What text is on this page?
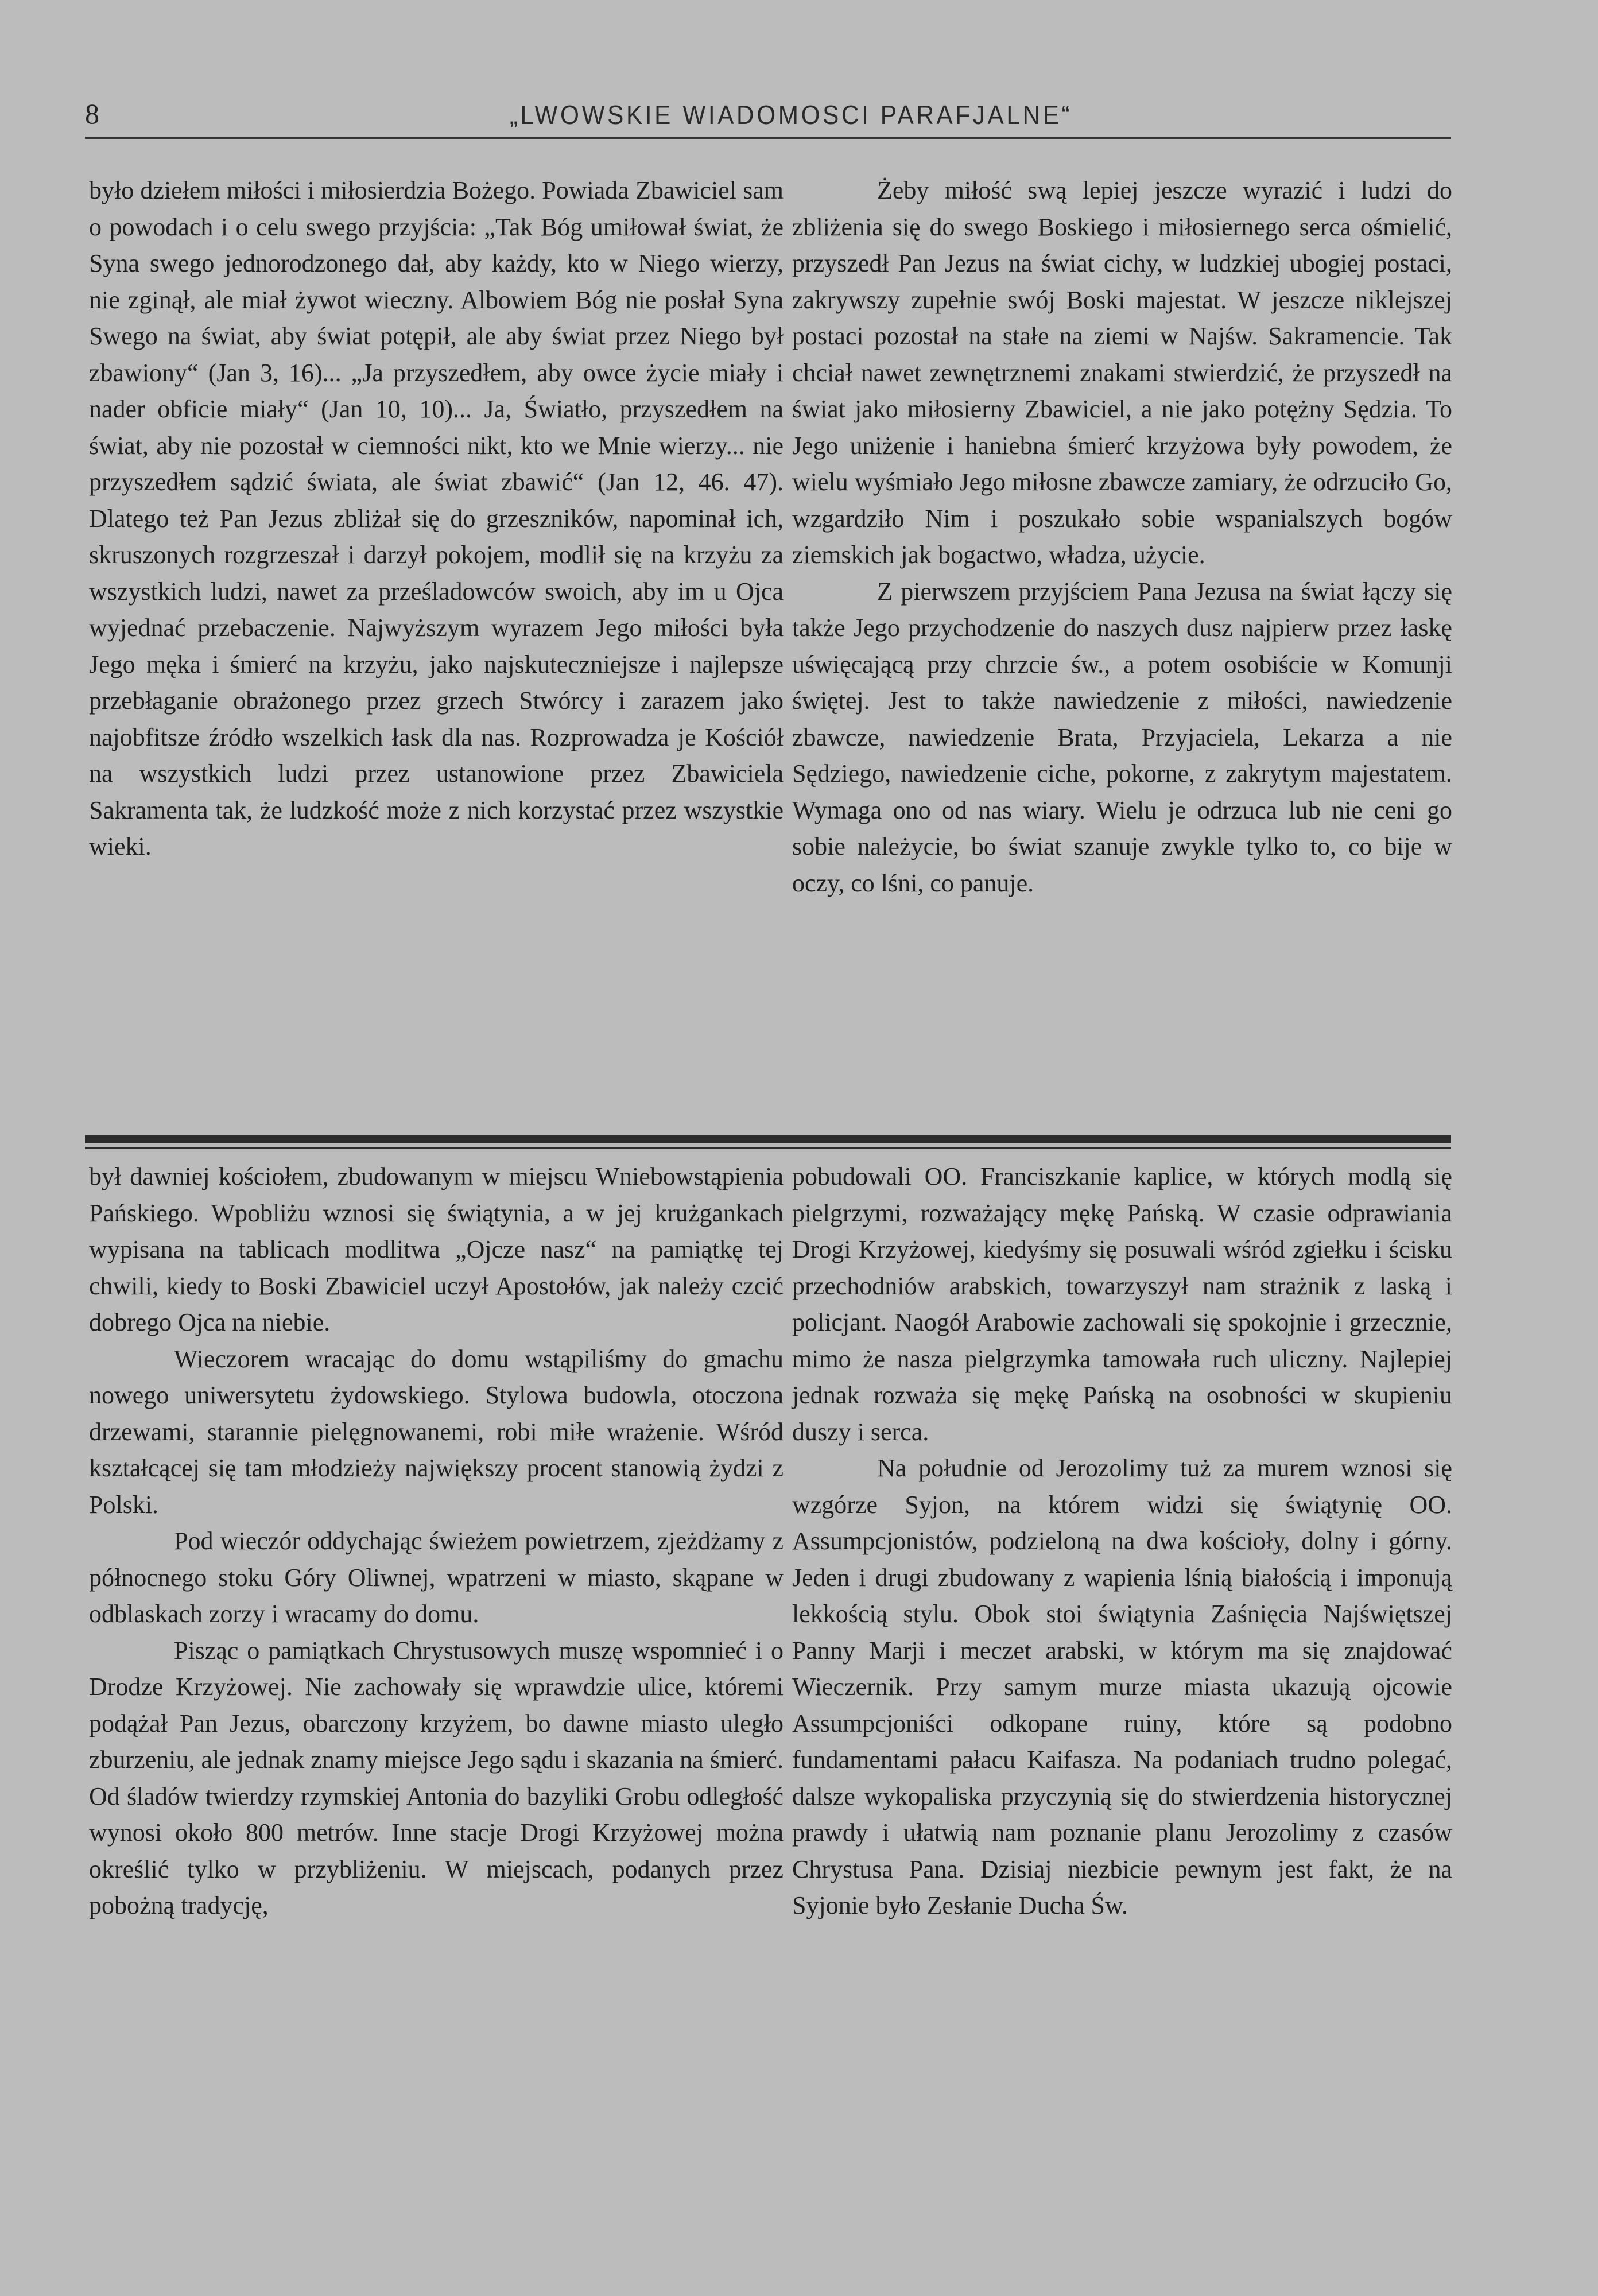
8	„LWOWSKIE WIADOMOSCI PARAFJALNE“

było dziełem miłości i miłosierdzia Bożego. Powiada Zbawiciel sam o powodach i o celu swego przyjścia: „Tak Bóg umiłował świat, że Syna swego jednorodzonego dał, aby każdy, kto w Niego wierzy, nie zginął, ale miał żywot wieczny. Albowiem Bóg nie posłał Syna Swego na świat, aby świat potępił, ale aby świat przez Niego był zbawiony“ (Jan 3, 16)... „Ja przyszedłem, aby owce życie miały i nader obficie miały“ (Jan 10, 10)... Ja, Światło, przyszedłem na świat, aby nie pozostał w ciemności nikt, kto we Mnie wierzy... nie przyszedłem sądzić świata, ale świat zbawić“ (Jan 12, 46. 47). Dlatego też Pan Jezus zbliżał się do grzeszników, napominał ich, skruszonych rozgrzeszał i darzył pokojem, modlił się na krzyżu za wszystkich ludzi, nawet za prześladowców swoich, aby im u Ojca wyjednać przebaczenie. Najwyższym wyrazem Jego miłości była Jego męka i śmierć na krzyżu, jako najskuteczniejsze i najlepsze przebłaganie obrażonego przez grzech Stwórcy i zarazem jako najobfitsze źródło wszelkich łask dla nas. Rozprowadza je Kościół na wszystkich ludzi przez ustanowione przez Zbawiciela Sakramenta tak, że ludzkość może z nich korzystać przez wszystkie wieki.

Żeby miłość swą lepiej jeszcze wyrazić i ludzi do zbliżenia się do swego Boskiego i miłosiernego serca ośmielić, przyszedł Pan Jezus na świat cichy, w ludzkiej ubogiej postaci, zakrywszy zupełnie swój Boski majestat. W jeszcze niklejszej postaci pozostał na stałe na ziemi w Najśw. Sakramencie. Tak chciał nawet zewnętrznemi znakami stwierdzić, że przyszedł na świat jako miłosierny Zbawiciel, a nie jako potężny Sędzia. To Jego uniżenie i haniebna śmierć krzyżowa były powodem, że wielu wyśmiało Jego miłosne zbawcze zamiary, że odrzuciło Go, wzgardziło Nim i poszukało sobie wspanialszych bogów ziemskich jak bogactwo, władza, użycie.

Z pierwszem przyjściem Pana Jezusa na świat łączy się także Jego przychodzenie do naszych dusz najpierw przez łaskę uświęcającą przy chrzcie św., a potem osobiście w Komunji świętej. Jest to także nawiedzenie z miłości, nawiedzenie zbawcze, nawiedzenie Brata, Przyjaciela, Lekarza a nie Sędziego, nawiedzenie ciche, pokorne, z zakrytym majestatem. Wymaga ono od nas wiary. Wielu je odrzuca lub nie ceni go sobie należycie, bo świat szanuje zwykle tylko to, co bije w oczy, co lśni, co panuje.

był dawniej kościołem, zbudowanym w miejscu Wniebowstąpienia Pańskiego. Wpobliżu wznosi się świątynia, a w jej krużgankach wypisana na tablicach modlitwa „Ojcze nasz“ na pamiątkę tej chwili, kiedy to Boski Zbawiciel uczył Apostołów, jak należy czcić dobrego Ojca na niebie.

Wieczorem wracając do domu wstąpiliśmy do gmachu nowego uniwersytetu żydowskiego. Stylowa budowla, otoczona drzewami, starannie pielęgnowanemi, robi miłe wrażenie. Wśród kształcącej się tam młodzieży największy procent stanowią żydzi z Polski.

Pod wieczór oddychając świeżem powietrzem, zjeżdżamy z północnego stoku Góry Oliwnej, wpatrzeni w miasto, skąpane w odblaskach zorzy i wracamy do domu.

Pisząc o pamiątkach Chrystusowych muszę wspomnieć i o Drodze Krzyżowej. Nie zachowały się wprawdzie ulice, któremi podążał Pan Jezus, obarczony krzyżem, bo dawne miasto uległo zburzeniu, ale jednak znamy miejsce Jego sądu i skazania na śmierć. Od śladów twierdzy rzymskiej Antonia do bazyliki Grobu odległość wynosi około 800 metrów. Inne stacje Drogi Krzyżowej można określić tylko w przybliżeniu. W miejscach, podanych przez pobożną tradycję,

pobudowali OO. Franciszkanie kaplice, w których modlą się pielgrzymi, rozważający mękę Pańską. W czasie odprawiania Drogi Krzyżowej, kiedyśmy się posuwali wśród zgiełku i ścisku przechodniów arabskich, towarzyszył nam strażnik z laską i policjant. Naogół Arabowie zachowali się spokojnie i grzecznie, mimo że nasza pielgrzymka tamowała ruch uliczny. Najlepiej jednak rozważa się mękę Pańską na osobności w skupieniu duszy i serca.

Na południe od Jerozolimy tuż za murem wznosi się wzgórze Syjon, na którem widzi się świątynię OO. Assumpcjonistów, podzieloną na dwa kościoły, dolny i górny. Jeden i drugi zbudowany z wapienia lśnią białością i imponują lekkością stylu. Obok stoi świątynia Zaśnięcia Najświętszej Panny Marji i meczet arabski, w którym ma się znajdować Wieczernik. Przy samym murze miasta ukazują ojcowie Assumpcjoniści odkopane ruiny, które są podobno fundamentami pałacu Kaifasza. Na podaniach trudno polegać, dalsze wykopaliska przyczynią się do stwierdzenia historycznej prawdy i ułatwią nam poznanie planu Jerozolimy z czasów Chrystusa Pana. Dzisiaj niezbicie pewnym jest fakt, że na Syjonie było Zesłanie Ducha Św.
